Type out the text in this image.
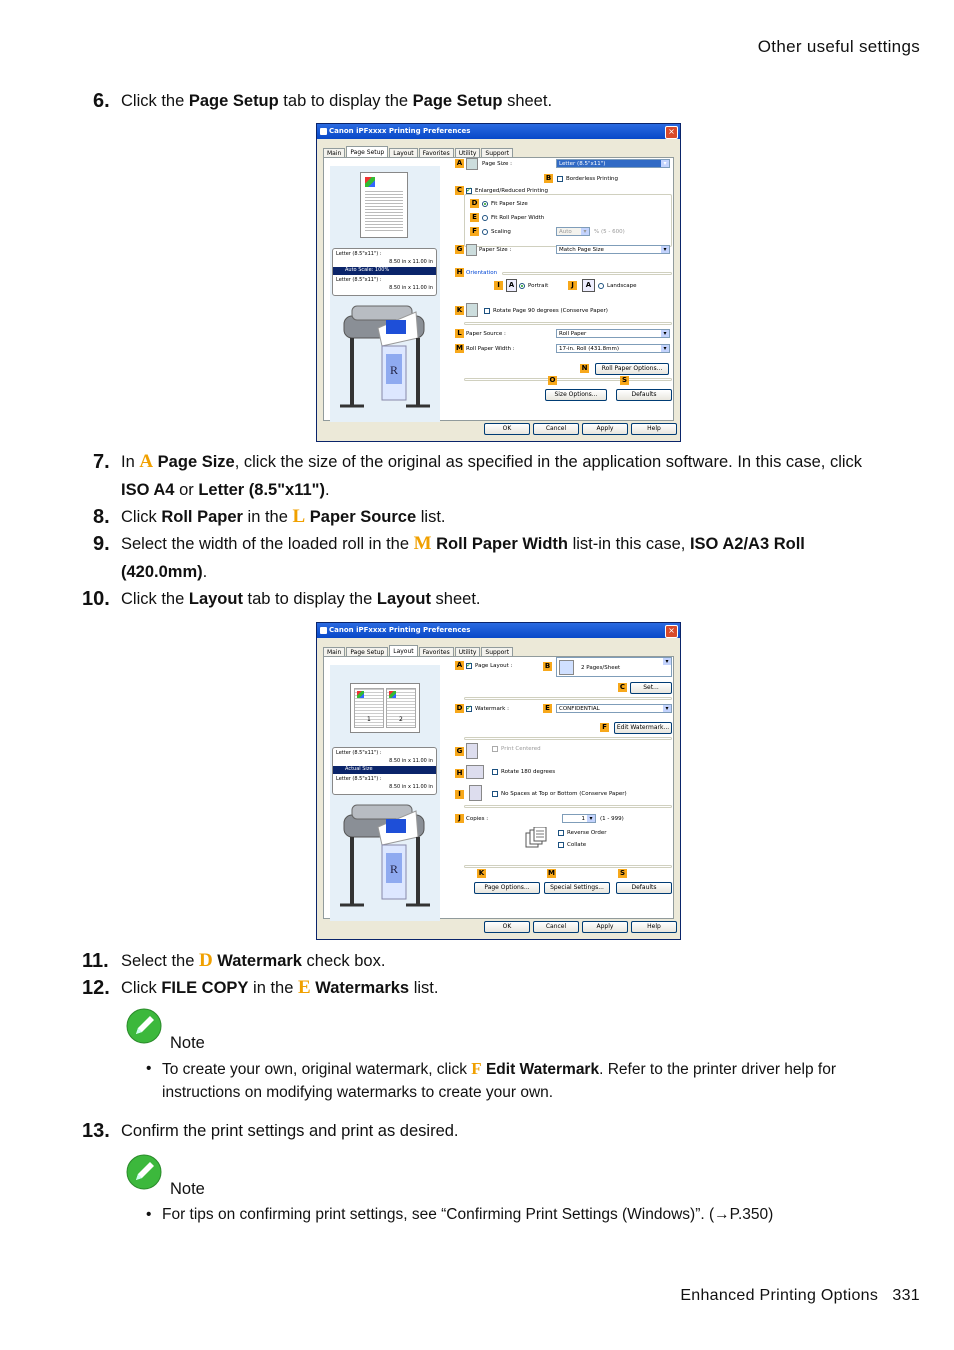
Other useful settings
6. Click the Page Setup tab to display the Page Setup sheet.
Canon iPFxxxx Printing Preferences	×
Main	Page Setup	Layout	Favorites	Utility	Support
Letter (8.5"x11") :
8.50 in x 11.00 in
Auto Scale: 100%
Letter (8.5"x11") :
8.50 in x 11.00 in
R
A	Page Size :	Letter (8.5"x11") ▾
B	Borderless Printing
C ✓	Enlarged/Reduced Printing
D Fit Paper Size
E	Fit Roll Paper Width
F	Scaling	Auto ▾	% (5 - 600)
G	Paper Size :	Match Page Size ▾
H Orientation
I	A	Portrait	J	A	Landscape
K	Rotate Page 90 degrees (Conserve Paper)
L Paper Source :	Roll Paper ▾
M Roll Paper Width :	17-in. Roll (431.8mm) ▾
N	Roll Paper Options...
O	S
Size Options...	Defaults
OK	Cancel	Apply	Help
7. In A Page Size, click the size of the original as specified in the application software. In this case, click ISO A4 or Letter (8.5"x11").
8. Click Roll Paper in the L Paper Source list.
9. Select the width of the loaded roll in the M Roll Paper Width list-in this case, ISO A2/A3 Roll (420.0mm).
10. Click the Layout tab to display the Layout sheet.
Canon iPFxxxx Printing Preferences	×
Main	Page Setup	Layout	Favorites	Utility	Support
1	2
Letter (8.5"x11") :
8.50 in x 11.00 in
Actual Size
Letter (8.5"x11") :
8.50 in x 11.00 in
R
A ✓	Page Layout :	B	2 Pages/Sheet ▾
C	Set...
D ✓ Watermark :	E	CONFIDENTIAL ▾
F	Edit Watermark...
G	Print Centered
H	Rotate 180 degrees
I	No Spaces at Top or Bottom (Conserve Paper)
J Copies :	1 ▾	(1 - 999)
Reverse Order
Collate
K	M	S
Page Options...	Special Settings...	Defaults
OK	Cancel	Apply	Help
11. Select the D Watermark check box.
12. Click FILE COPY in the E Watermarks list.
Note
• To create your own, original watermark, click F Edit Watermark. Refer to the printer driver help for instructions on modifying watermarks to create your own.
13. Confirm the print settings and print as desired.
Note
• For tips on confirming print settings, see “Confirming Print Settings (Windows)”. (→P.350)
Enhanced Printing Options   331
